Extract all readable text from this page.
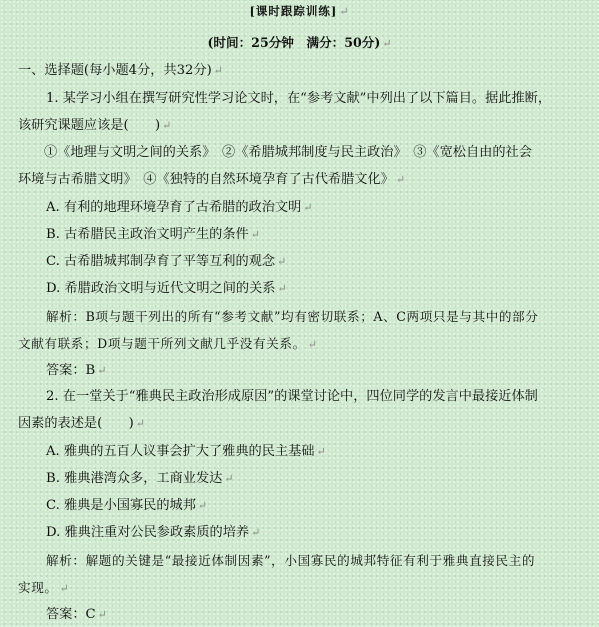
[课时跟踪训练] ↵
(时间：25分钟　满分：50分) ↵
一、选择题(每小题4分，共32分) ↵
1. 某学习小组在撰写研究性学习论文时，在“参考文献”中列出了以下篇目。据此推断，
该研究课题应该是(　　) ↵
①《地理与文明之间的关系》　②《希腊城邦制度与民主政治》　③《宽松自由的社会
环境与古希腊文明》　④《独特的自然环境孕育了古代希腊文化》 ↵
A. 有利的地理环境孕育了古希腊的政治文明 ↵
B. 古希腊民主政治文明产生的条件 ↵
C. 古希腊城邦制孕育了平等互利的观念 ↵
D. 希腊政治文明与近代文明之间的关系 ↵
解析：B项与题干列出的所有“参考文献”均有密切联系；A、C两项只是与其中的部分
文献有联系；D项与题干所列文献几乎没有关系。 ↵
答案：B ↵
2. 在一堂关于“雅典民主政治形成原因”的课堂讨论中，四位同学的发言中最接近体制
因素的表述是(　　) ↵
A. 雅典的五百人议事会扩大了雅典的民主基础 ↵
B. 雅典港湾众多，工商业发达 ↵
C. 雅典是小国寡民的城邦 ↵
D. 雅典注重对公民参政素质的培养 ↵
解析：解题的关键是“最接近体制因素”，小国寡民的城邦特征有利于雅典直接民主的
实现。 ↵
答案：C ↵
